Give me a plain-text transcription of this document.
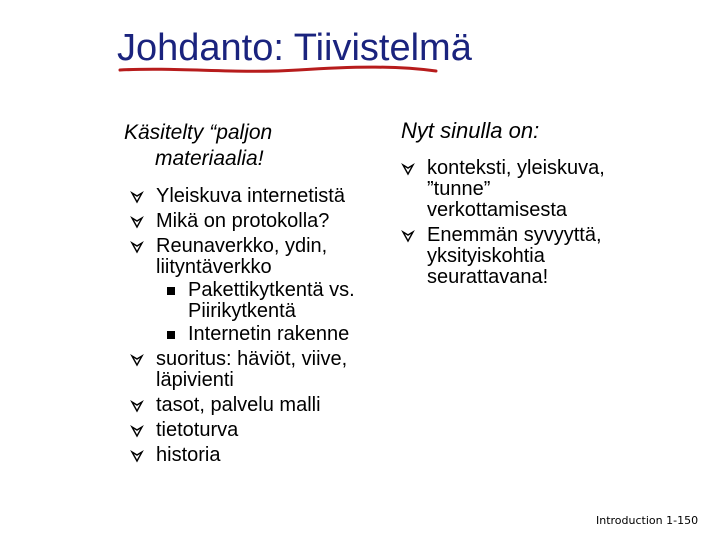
Johdanto: Tiivistelmä
Käsitelty “paljon
materiaalia!
Yleiskuva internetistä
Mikä on protokolla?
Reunaverkko, ydin, liityntäverkko
Pakettikytkentä vs. Piirikytkentä
Internetin rakenne
suoritus: häviöt, viive, läpivienti
tasot, palvelu malli
tietoturva
historia
Nyt sinulla on:
konteksti, yleiskuva, ”tunne” verkottamisesta
Enemmän syvyyttä, yksityiskohtia seurattavana!
Introduction 1-150
